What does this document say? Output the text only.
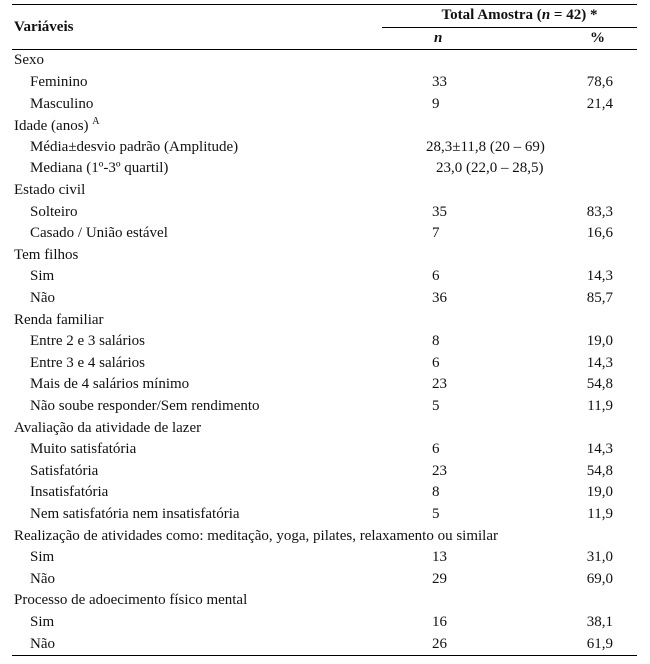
Variáveis	Total Amostra (n = 42) *	
	n	%
Sexo		
Feminino	33	78,6
Masculino	9	21,4
Idade (anos) $^A$
Média±desvio padrão (Amplitude)	28,3±11,8 (20 – 69)	
Mediana (1º-3º quartil)	23,0 (22,0 – 28,5)	
Estado civil		
Solteiro	35	83,3
Casado / União estável	7	16,6
Tem filhos		
Sim	6	14,3
Não	36	85,7
Renda familiar		
Entre 2 e 3 salários	8	19,0
Entre 3 e 4 salários	6	14,3
Mais de 4 salários mínimo	23	54,8
Não soube responder/Sem rendimento	5	11,9
Avaliação da atividade de lazer		
Muito satisfatória	6	14,3
Satisfatória	23	54,8
Insatisfatória	8	19,0
Nem satisfatória nem insatisfatória	5	11,9
Realização de atividades como: meditação, yoga, pilates, relaxamento ou similar		
Sim	13	31,0
Não	29	69,0
Processo de adoecimento físico mental		
Sim	16	38,1
Não	26	61,9
